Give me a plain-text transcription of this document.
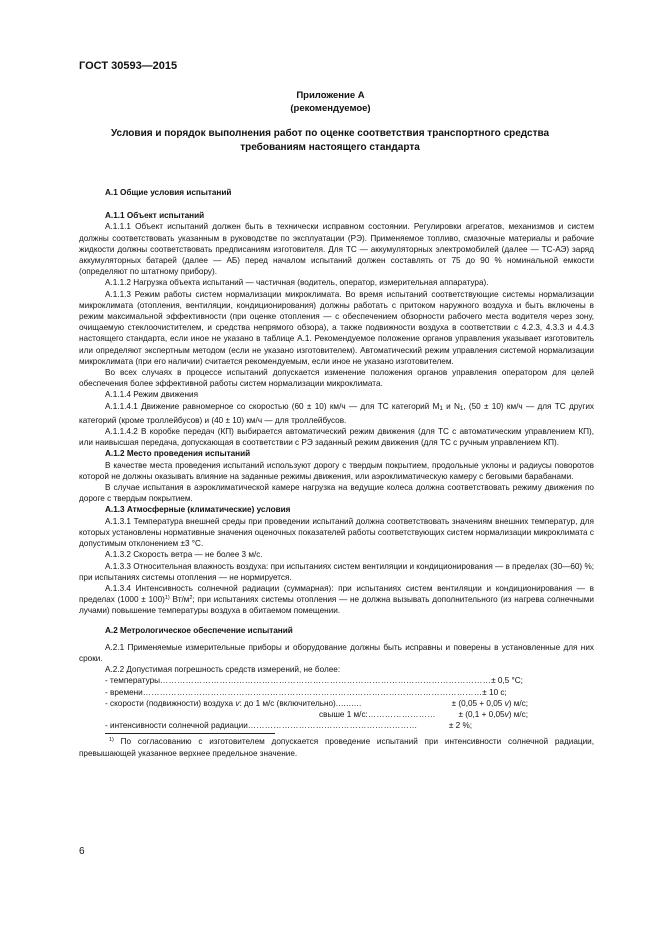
ГОСТ 30593—2015
Приложение А
(рекомендуемое)
Условия и порядок выполнения работ по оценке соответствия транспортного средства
требованиям настоящего стандарта

А.1 Общие условия испытаний

А.1.1 Объект испытаний

А.1.1.1 Объект испытаний должен быть в технически исправном состоянии. Регулировки агрегатов, механизмов и систем должны соответствовать указанным в руководстве по эксплуатации (РЭ). Применяемое топливо, смазочные материалы и рабочие жидкости должны соответствовать предписаниям изготовителя. Для ТС — аккумуляторных электромобилей (далее — ТС-АЭ) заряд аккумуляторных батарей (далее — АБ) перед началом испытаний должен составлять от 75 до 90 % номинальной емкости (определяют по штатному прибору).

А.1.1.2 Нагрузка объекта испытаний — частичная (водитель, оператор, измерительная аппаратура).

А.1.1.3 Режим работы систем нормализации микроклимата. Во время испытаний соответствующие системы нормализации микроклимата (отопления, вентиляции, кондиционирования) должны работать с притоком наружного воздуха и быть включены в режим максимальной эффективности (при оценке отопления — с обеспечением обзорности рабочего места водителя через зону, очищаемую стеклоочистителем, и средства непрямого обзора), а также подвижности воздуха в соответствии с 4.2.3, 4.3.3 и 4.4.3 настоящего стандарта, если иное не указано в таблице А.1. Рекомендуемое положение органов управления указывает изготовитель или определяют экспертным методом (если не указано изготовителем). Автоматический режим управления системой нормализации микроклимата (при его наличии) считается рекомендуемым, если иное не указано изготовителем.

Во всех случаях в процессе испытаний допускается изменение положения органов управления оператором для целей обеспечения более эффективной работы систем нормализации микроклимата.

А.1.1.4 Режим движения

А.1.1.4.1 Движение равномерное со скоростью (60 ± 10) км/ч — для ТС категорий $М_1$ и $N_1$, (50 ± 10) км/ч — для ТС других категорий (кроме троллейбусов) и (40 ± 10) км/ч — для троллейбусов.

А.1.1.4.2 В коробке передач (КП) выбирается автоматический режим движения (для ТС с автоматическим управлением КП), или наивысшая передача, допускающая в соответствии с РЭ заданный режим движения (для ТС с ручным управлением КП).

А.1.2 Место проведения испытаний

В качестве места проведения испытаний используют дорогу с твердым покрытием, продольные уклоны и радиусы поворотов которой не должны оказывать влияние на заданные режимы движения, или аэроклиматическую камеру с беговыми барабанами.

В случае испытания в аэроклиматической камере нагрузка на ведущие колеса должна соответствовать режиму движения по дороге с твердым покрытием.

А.1.3 Атмосферные (климатические) условия

А.1.3.1 Температура внешней среды при проведении испытаний должна соответствовать значениям внешних температур, для которых установлены нормативные значения оценочных показателей работы соответствующих систем нормализации микроклимата с допустимым отклонением ±3 °С.

А.1.3.2 Скорость ветра — не более 3 м/с.

А.1.3.3 Относительная влажность воздуха: при испытаниях систем вентиляции и кондиционирования — в пределах (30—60) %; при испытаниях системы отопления — не нормируется.

А.1.3.4 Интенсивность солнечной радиации (суммарная): при испытаниях систем вентиляции и кондиционирования — в пределах $(1000 \pm 100)^{1)}$ $Вт/м^2$; при испытаниях системы отопления — не должна вызывать дополнительного (из нагрева солнечными лучами) повышение температуры воздуха в обитаемом помещении.

А.2 Метрологическое обеспечение испытаний

А.2.1 Применяемые измерительные приборы и оборудование должны быть исправны и поверены в установленные для них сроки.

А.2.2 Допустимая погрешность средств измерений, не более:

- температуры ……………………………………………………………………………………………………… ± 0,5 °С;
- времени ………………………………………………………………………………………………………… ± 10 с;
- скорости (подвижности) воздуха v: до 1 м/с (включительно) ..........	± (0,05 + 0,05 v) м/с;
свыше 1 м/с: ……………………	± (0,1 + 0,05v) м/с;
- интенсивности солнечной радиации ……………………………………………………	± 2 %;

$^{1)}$ По согласованию с изготовителем допускается проведение испытаний при интенсивности солнечной радиации, превышающей указанное верхнее предельное значение.

6
